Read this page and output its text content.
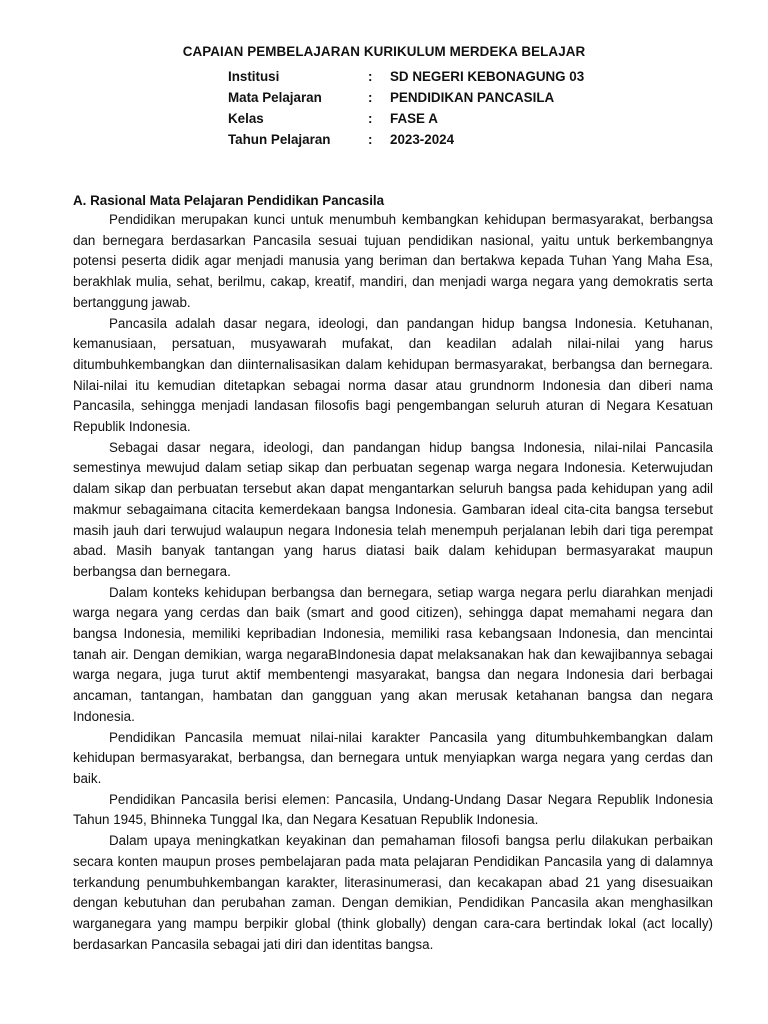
CAPAIAN PEMBELAJARAN KURIKULUM MERDEKA BELAJAR
Institusi	: SD NEGERI KEBONAGUNG 03
Mata Pelajaran	: PENDIDIKAN PANCASILA
Kelas	: FASE A
Tahun Pelajaran	: 2023-2024
A. Rasional Mata Pelajaran Pendidikan Pancasila

Pendidikan merupakan kunci untuk menumbuh kembangkan kehidupan bermasyarakat, berbangsa dan bernegara berdasarkan Pancasila sesuai tujuan pendidikan nasional, yaitu untuk berkembangnya potensi peserta didik agar menjadi manusia yang beriman dan bertakwa kepada Tuhan Yang Maha Esa, berakhlak mulia, sehat, berilmu, cakap, kreatif, mandiri, dan menjadi warga negara yang demokratis serta bertanggung jawab.

Pancasila adalah dasar negara, ideologi, dan pandangan hidup bangsa Indonesia. Ketuhanan, kemanusiaan, persatuan, musyawarah mufakat, dan keadilan adalah nilai-nilai yang harus ditumbuhkembangkan dan diinternalisasikan dalam kehidupan bermasyarakat, berbangsa dan bernegara. Nilai-nilai itu kemudian ditetapkan sebagai norma dasar atau grundnorm Indonesia dan diberi nama Pancasila, sehingga menjadi landasan filosofis bagi pengembangan seluruh aturan di Negara Kesatuan Republik Indonesia.

Sebagai dasar negara, ideologi, dan pandangan hidup bangsa Indonesia, nilai-nilai Pancasila semestinya mewujud dalam setiap sikap dan perbuatan segenap warga negara Indonesia. Keterwujudan dalam sikap dan perbuatan tersebut akan dapat mengantarkan seluruh bangsa pada kehidupan yang adil makmur sebagaimana citacita kemerdekaan bangsa Indonesia. Gambaran ideal cita-cita bangsa tersebut masih jauh dari terwujud walaupun negara Indonesia telah menempuh perjalanan lebih dari tiga perempat abad. Masih banyak tantangan yang harus diatasi baik dalam kehidupan bermasyarakat maupun berbangsa dan bernegara.

Dalam konteks kehidupan berbangsa dan bernegara, setiap warga negara perlu diarahkan menjadi warga negara yang cerdas dan baik (smart and good citizen), sehingga dapat memahami negara dan bangsa Indonesia, memiliki kepribadian Indonesia, memiliki rasa kebangsaan Indonesia, dan mencintai tanah air. Dengan demikian, warga negaraBIndonesia dapat melaksanakan hak dan kewajibannya sebagai warga negara, juga turut aktif membentengi masyarakat, bangsa dan negara Indonesia dari berbagai ancaman, tantangan, hambatan dan gangguan yang akan merusak ketahanan bangsa dan negara Indonesia.

Pendidikan Pancasila memuat nilai-nilai karakter Pancasila yang ditumbuhkembangkan dalam kehidupan bermasyarakat, berbangsa, dan bernegara untuk menyiapkan warga negara yang cerdas dan baik.

Pendidikan Pancasila berisi elemen: Pancasila, Undang-Undang Dasar Negara Republik Indonesia Tahun 1945, Bhinneka Tunggal Ika, dan Negara Kesatuan Republik Indonesia.

Dalam upaya meningkatkan keyakinan dan pemahaman filosofi bangsa perlu dilakukan perbaikan secara konten maupun proses pembelajaran pada mata pelajaran Pendidikan Pancasila yang di dalamnya terkandung penumbuhkembangan karakter, literasinumerasi, dan kecakapan abad 21 yang disesuaikan dengan kebutuhan dan perubahan zaman. Dengan demikian, Pendidikan Pancasila akan menghasilkan warganegara yang mampu berpikir global (think globally) dengan cara-cara bertindak lokal (act locally) berdasarkan Pancasila sebagai jati diri dan identitas bangsa.
